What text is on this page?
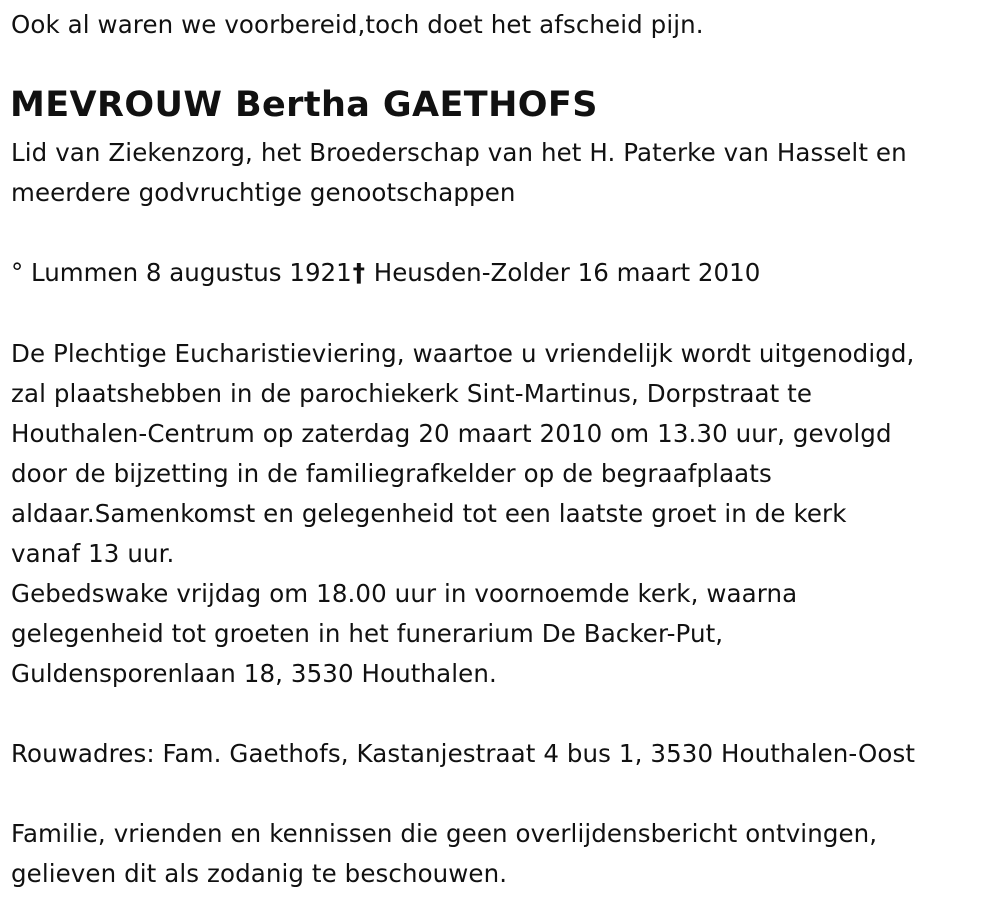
Ook al waren we voorbereid,toch doet het afscheid pijn.

MEVROUW Bertha GAETHOFS

Lid van Ziekenzorg, het Broederschap van het H. Paterke van Hasselt en

meerdere godvruchtige genootschappen

° Lummen 8 augustus 1921† Heusden-Zolder 16 maart 2010

De Plechtige Eucharistieviering, waartoe u vriendelijk wordt uitgenodigd,

zal plaatshebben in de parochiekerk Sint-Martinus, Dorpstraat te

Houthalen-Centrum op zaterdag 20 maart 2010 om 13.30 uur, gevolgd

door de bijzetting in de familiegrafkelder op de begraafplaats

aldaar.Samenkomst en gelegenheid tot een laatste groet in de kerk

vanaf 13 uur.

Gebedswake vrijdag om 18.00 uur in voornoemde kerk, waarna

gelegenheid tot groeten in het funerarium De Backer-Put,

Guldensporenlaan 18, 3530 Houthalen.

Rouwadres: Fam. Gaethofs, Kastanjestraat 4 bus 1, 3530 Houthalen-Oost

Familie, vrienden en kennissen die geen overlijdensbericht ontvingen,

gelieven dit als zodanig te beschouwen.
